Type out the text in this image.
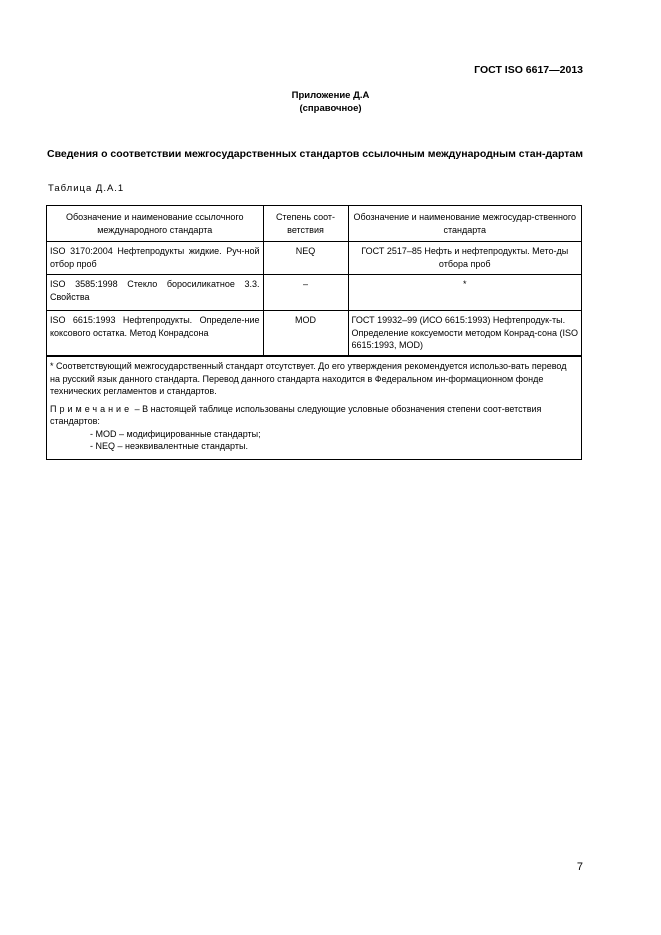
ГОСТ ISO 6617—2013
Приложение Д.А
(справочное)
Сведения о соответствии межгосударственных стандартов ссылочным международным стан-дартам
Таблица Д.А.1
Обозначение и наименование ссылочного международного стандарта	Степень соот-ветствия	Обозначение и наименование межгосудар-ственного стандарта
ISO 3170:2004 Нефтепродукты жидкие. Руч-ной отбор проб	NEQ	ГОСТ 2517–85 Нефть и нефтепродукты. Мето-ды отбора проб
ISO 3585:1998 Стекло боросиликатное 3.3. Свойства	–	*
ISO 6615:1993 Нефтепродукты. Определе-ние коксового остатка. Метод Конрадсона	MOD	ГОСТ 19932–99 (ИСО 6615:1993) Нефтепродук-ты. Определение коксуемости методом Конрад-сона (ISO 6615:1993, MOD)

* Соответствующий межгосударственный стандарт отсутствует. До его утверждения рекомендуется использо-вать перевод на русский язык данного стандарта. Перевод данного стандарта находится в Федеральном ин-формационном фонде технических регламентов и стандартов.

Примечание – В настоящей таблице использованы следующие условные обозначения степени соот-ветствия стандартов:

- MOD – модифицированные стандарты;

- NEQ – неэквивалентные стандарты.

7
